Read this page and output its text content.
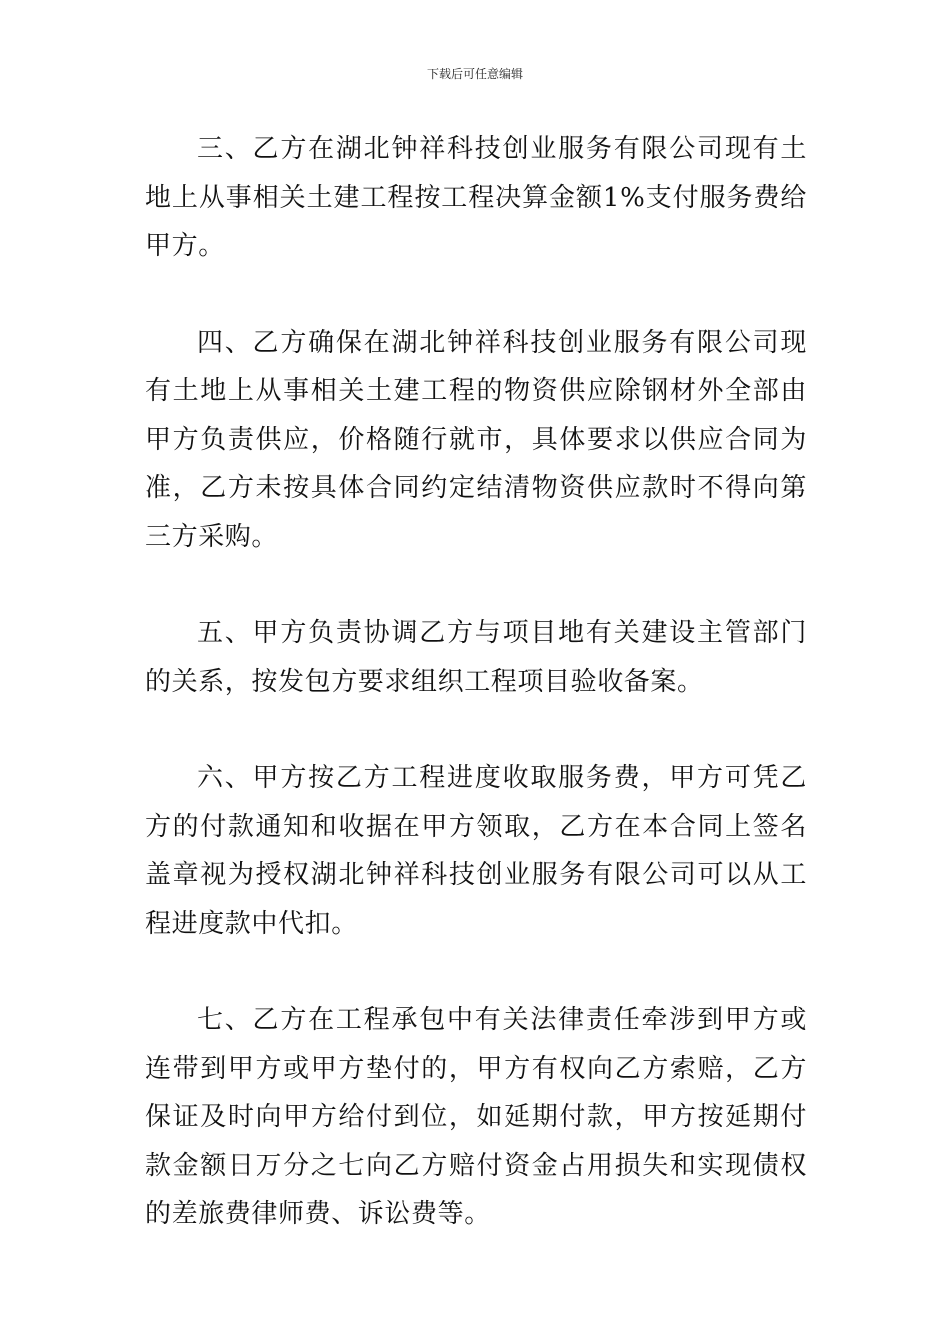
下载后可任意编辑

三、乙方在湖北钟祥科技创业服务有限公司现有土地上从事相关土建工程按工程决算金额1%支付服务费给甲方。

四、乙方确保在湖北钟祥科技创业服务有限公司现有土地上从事相关土建工程的物资供应除钢材外全部由甲方负责供应，价格随行就市，具体要求以供应合同为准，乙方未按具体合同约定结清物资供应款时不得向第三方采购。

五、甲方负责协调乙方与项目地有关建设主管部门的关系，按发包方要求组织工程项目验收备案。

六、甲方按乙方工程进度收取服务费，甲方可凭乙方的付款通知和收据在甲方领取，乙方在本合同上签名盖章视为授权湖北钟祥科技创业服务有限公司可以从工程进度款中代扣。

七、乙方在工程承包中有关法律责任牵涉到甲方或连带到甲方或甲方垫付的，甲方有权向乙方索赔，乙方保证及时向甲方给付到位，如延期付款，甲方按延期付款金额日万分之七向乙方赔付资金占用损失和实现债权的差旅费律师费、诉讼费等。
